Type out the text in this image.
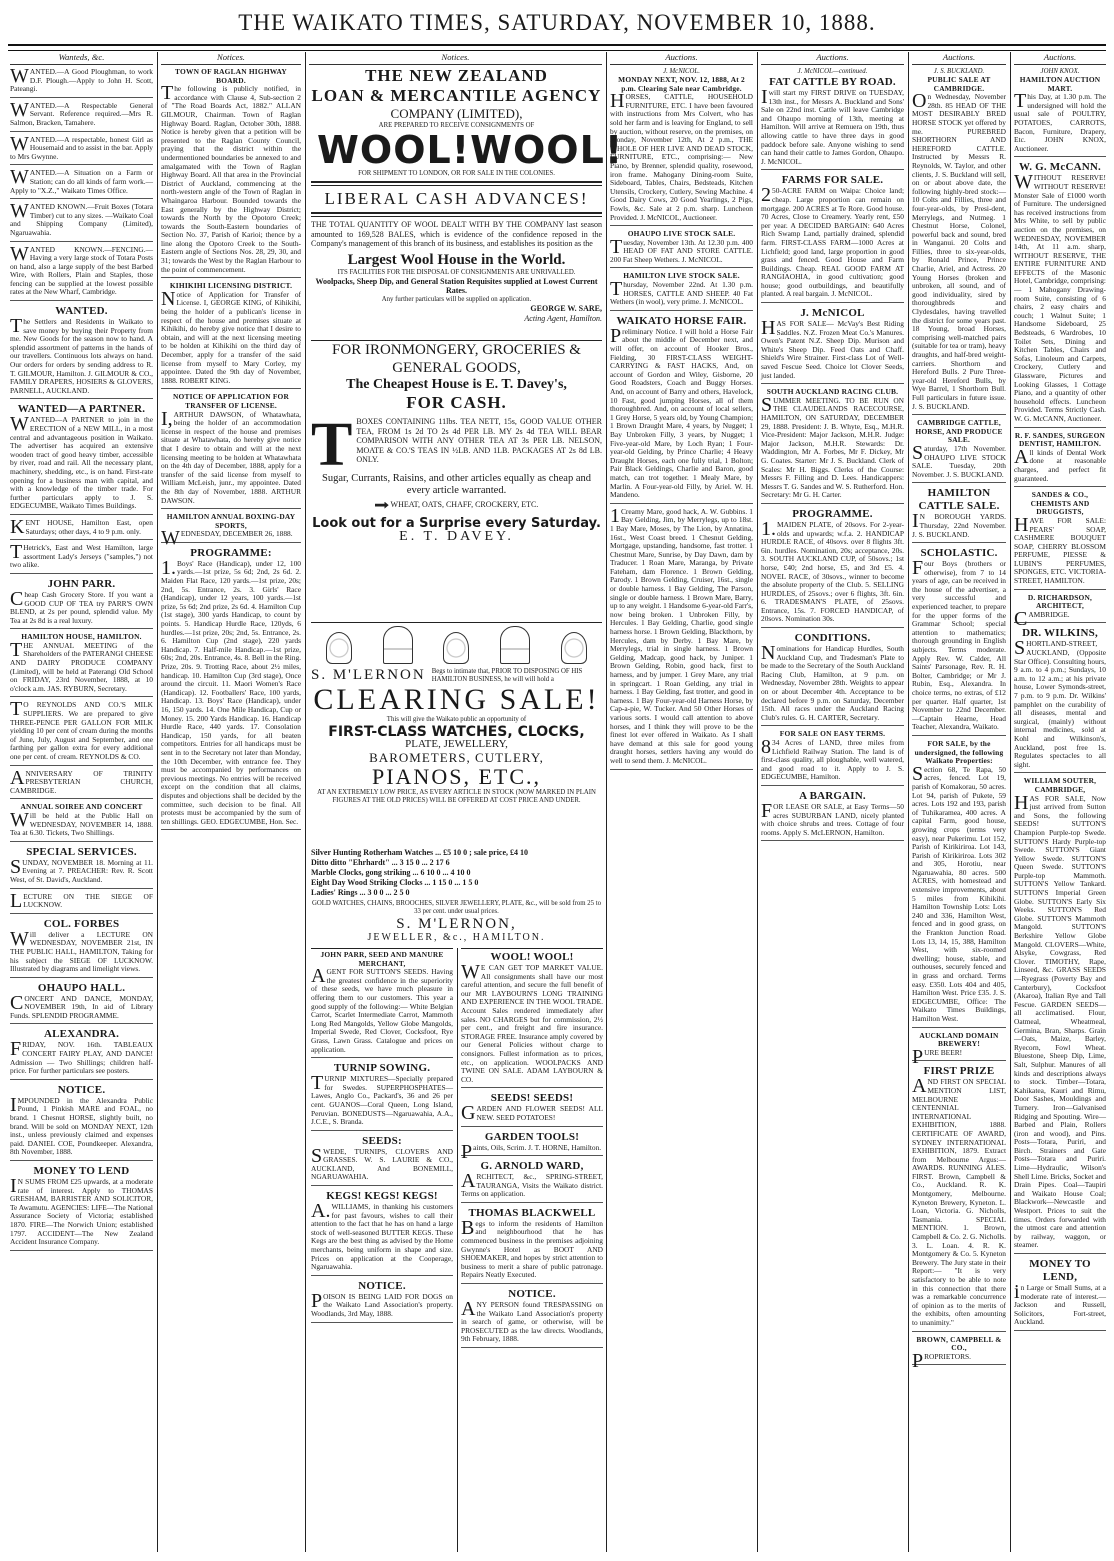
THE WAIKATO TIMES, SATURDAY, NOVEMBER 10, 1888.
Wanteds, &c.

WANTED.—A Good Ploughman, to work D.F. Plough.—Apply to John H. Scott, Pateangi.

WANTED.—A Respectable General Servant. Reference required.—Mrs R. Salmon, Bracken, Tamahere.

WANTED.—A respectable, honest Girl as Housemaid and to assist in the bar. Apply to Mrs Gwynne.

WANTED.—A Situation on a Farm or Station; can do all kinds of farm work.—Apply to "X.Z.," Waikato Times Office.

WANTED KNOWN.—Fruit Boxes (Totara Timber) cut to any sizes. —Waikato Coal and Shipping Company (Limited), Ngaruawahia.

WANTED KNOWN.—FENCING.—Having a very large stock of Totara Posts on hand, also a large supply of the best Barbed Wire, with Rollers, Plain and Staples, those fencing can be supplied at the lowest possible rates at the New Wharf, Cambridge.

WANTED.

The Settlers and Residents in Waikato to save money by buying their Property from me. New Goods for the season now to hand. A splendid assortment of patterns in the hands of our travellers. Continuous lots always on hand. Our orders for orders by sending address to R. T. GILMOUR, Hamilton. J. GILMOUR & CO., FAMILY DRAPERS, HOSIERS & GLOVERS, PARNELL, AUCKLAND.

WANTED—A PARTNER.

WANTED—A PARTNER to join in the ERECTION of a NEW MILL, in a most central and advantageous position in Waikato. The advertiser has acquired an extensive wooden tract of good heavy timber, accessible by river, road and rail. All the necessary plant, machinery, shedding, etc., is on hand. First-rate opening for a business man with capital, and with a knowledge of the timber trade. For further particulars apply to J. S. EDGECUMBE, Waikato Times Buildings.

KENT HOUSE, Hamilton East, open Saturdays; other days, 4 to 9 p.m. only.

THetrick's, East and West Hamilton, large assortment Lady's Jerseys ("samples,") not two alike.

JOHN PARR.

Cheap Cash Grocery Store. If you want a GOOD CUP OF TEA try PARR'S OWN BLEND, at 2s per pound, splendid value. My Tea at 2s 8d is a real luxury.

HAMILTON HOUSE, HAMILTON.

THE ANNUAL MEETING of the Shareholders of the PATERANGI CHEESE AND DAIRY PRODUCE COMPANY (Limited), will be held at Paterangi Old School on FRIDAY, 23rd November, 1888, at 10 o'clock a.m. JAS. RYBURN, Secretary.

TO REYNOLDS AND CO.'S MILK SUPPLIERS. We are prepared to give THREE-PENCE PER GALLON FOR MILK yielding 10 per cent of cream during the months of June, July, August and September, and one farthing per gallon extra for every additional one per cent. of cream. REYNOLDS & CO.

ANNIVERSARY OF TRINITY PRESBYTERIAN CHURCH, CAMBRIDGE.

ANNUAL SOIREE AND CONCERT

Will be held at the Public Hall on WEDNESDAY, NOVEMBER 14, 1888. Tea at 6.30. Tickets, Two Shillings.

SPECIAL SERVICES.

SUNDAY, NOVEMBER 18. Morning at 11. Evening at 7. PREACHER: Rev. R. Scott West, of St. David's, Auckland.

LECTURE ON THE SIEGE OF LUCKNOW.

COL. FORBES

Will deliver a LECTURE ON WEDNESDAY, NOVEMBER 21st, IN THE PUBLIC HALL, HAMILTON, Taking for his subject the SIEGE OF LUCKNOW. Illustrated by diagrams and limelight views.

OHAUPO HALL.

CONCERT AND DANCE, MONDAY, NOVEMBER 19th, In aid of Library Funds. SPLENDID PROGRAMME.

ALEXANDRA.

FRIDAY, NOV. 16th. TABLEAUX CONCERT FAIRY PLAY, AND DANCE! Admission — Two Shillings; children half-price. For further particulars see posters.

NOTICE.

IMPOUNDED in the Alexandra Public Pound, 1 Pinkish MARE and FOAL, no brand. 1 Chesnut HORSE, slightly built, no brand. Will be sold on MONDAY NEXT, 12th inst., unless previously claimed and expenses paid. DANIEL COE, Poundkeeper. Alexandra, 8th November, 1888.

MONEY TO LEND

IN SUMS FROM £25 upwards, at a moderate rate of interest. Apply to THOMAS GRESHAM, BARRISTER AND SOLICITOR, Te Awamutu. AGENCIES: LIFE—The National Assurance Society of Victoria; established 1870. FIRE—The Norwich Union; established 1797. ACCIDENT—The New Zealand Accident Insurance Company.

Notices.
TOWN OF RAGLAN HIGHWAY BOARD.

The following is publicly notified, in accordance with Clause 4, Sub-section 2 of "The Road Boards Act, 1882." ALLAN GILMOUR, Chairman. Town of Raglan Highway Board. Raglan, October 30th, 1888. Notice is hereby given that a petition will be presented to the Raglan County Council, praying that the district within the undermentioned boundaries be annexed to and amalgamated with the Town of Raglan Highway Board. All that area in the Provincial District of Auckland, commencing at the north-western angle of the Town of Raglan in Whaingaroa Harbour. Bounded towards the East generally by the Highway District; towards the North by the Opotoro Creek; towards the South-Eastern boundaries of Section No. 37, Parish of Karioi; thence by a line along the Opotoro Creek to the South-Eastern angle of Sections Nos. 28, 29, 30, and 31; towards the West by the Raglan Harbour to the point of commencement.

KIHIKIHI LICENSING DISTRICT.

Notice of Application for Transfer of License. I, GEORGE KING, of Kihikihi, being the holder of a publican's license in respect of the house and premises situate at Kihikihi, do hereby give notice that I desire to obtain, and will at the next licensing meeting to be holden at Kihikihi on the third day of December, apply for a transfer of the said license from myself to Mary Corley, my appointee. Dated the 9th day of November, 1888. ROBERT KING.

NOTICE OF APPLICATION FOR TRANSFER OF LICENSE.

I,ARTHUR DAWSON, of Whatawhata, being the holder of an accommodation license in respect of the house and premises situate at Whatawhata, do hereby give notice that I desire to obtain and will at the next licensing meeting to be holden at Whatawhata on the 4th day of December, 1888, apply for a transfer of the said license from myself to William McLeish, junr., my appointee. Dated the 8th day of November, 1888. ARTHUR DAWSON.

HAMILTON ANNUAL BOXING-DAY SPORTS,

WEDNESDAY, DECEMBER 26, 1888.

PROGRAMME:

1.Boys' Race (Handicap), under 12, 100 yards.—1st prize, 5s 6d; 2nd, 2s 6d. 2. Maiden Flat Race, 120 yards.—1st prize, 20s; 2nd, 5s. Entrance, 2s. 3. Girls' Race (Handicap), under 12 years, 100 yards.—1st prize, 5s 6d; 2nd prize, 2s 6d. 4. Hamilton Cup (1st stage), 300 yards Handicap, to count by points. 5. Handicap Hurdle Race, 120yds, 6 hurdles.—1st prize, 20s; 2nd, 5s. Entrance, 2s. 6. Hamilton Cup (2nd stage), 220 yards Handicap. 7. Half-mile Handicap.—1st prize, 60s; 2nd, 20s. Entrance, 4s. 8. Bell in the Ring. Prize, 20s. 9. Trotting Race, about 2½ miles, handicap. 10. Hamilton Cup (3rd stage), Once around the circuit. 11. Maori Women's Race (Handicap). 12. Footballers' Race, 100 yards, Handicap. 13. Boys' Race (Handicap), under 16, 150 yards. 14. One Mile Handicap, Cup or Money. 15. 200 Yards Handicap. 16. Handicap Hurdle Race, 440 yards. 17. Consolation Handicap, 150 yards, for all beaten competitors. Entries for all handicaps must be sent in to the Secretary not later than Monday, the 10th December, with entrance fee. They must be accompanied by performances on previous meetings. No entries will be received except on the condition that all claims, disputes and objections shall be decided by the committee, such decision to be final. All protests must be accompanied by the sum of ten shillings. GEO. EDGECUMBE, Hon. Sec.

Notices.
THE NEW ZEALAND
LOAN & MERCANTILE AGENCY
COMPANY (LIMITED),
ARE PREPARED TO RECEIVE CONSIGNMENTS OF
WOOL! WOOL!
FOR SHIPMENT TO LONDON, OR FOR SALE IN THE COLONIES.
LIBERAL CASH ADVANCES!

THE TOTAL QUANTITY OF WOOL DEALT WITH BY THE COMPANY last season amounted to 169,528 BALES, which is evidence of the confidence reposed in the Company's management of this branch of its business, and establishes its position as the

Largest Wool House in the World.
ITS FACILITIES FOR THE DISPOSAL OF CONSIGNMENTS ARE UNRIVALLED.
Woolpacks, Sheep Dip, and General Station Requisites supplied at Lowest Current Rates.
Any further particulars will be supplied on application.
GEORGE W. SARE,
Acting Agent, Hamilton.
FOR IRONMONGERY, GROCERIES & GENERAL GOODS,
The Cheapest House is E. T. Davey's,
FOR CASH.
T BOXES CONTAINING 11lbs. TEA NETT, 15s, GOOD VALUE OTHER TEA, FROM 1s 2d TO 2s 4d PER LB. MY 2s 4d TEA WILL BEAR COMPARISON WITH ANY OTHER TEA AT 3s PER LB. NELSON, MOATE & CO.'S TEAS IN ½LB. AND 1LB. PACKAGES AT 2s 8d LB. ONLY.
Sugar, Currants, Raisins, and other articles equally as cheap and every article warranted.
WHEAT, OATS, CHAFF, CROCKERY, ETC.
Look out for a Surprise every Saturday.
E. T. DAVEY.
S. M'LERNON Begs to intimate that, PRIOR TO DISPOSING OF HIS HAMILTON BUSINESS, he will will hold a
CLEARING SALE!
This will give the Waikato public an opportunity of
FIRST-CLASS WATCHES, CLOCKS,
PLATE, JEWELLERY,
BAROMETERS, CUTLERY,
PIANOS, ETC.,
AT AN EXTREMELY LOW PRICE, AS EVERY ARTICLE IN STOCK (NOW MARKED IN PLAIN FIGURES AT THE OLD PRICES) WILL BE OFFERED AT COST PRICE AND UNDER.
Silver Hunting Rotherham Watches ... £5 10 0 ; sale price, £4 10
Ditto ditto "Ehrhardt" ... 3 15 0 ... 2 17 6
Marble Clocks, gong striking ... 6 10 0 ... 4 10 0
Eight Day Wood Striking Clocks ... 1 15 0 ... 1 5 0
Ladies' Rings ... 3 0 0 ... 2 5 0
GOLD WATCHES, CHAINS, BROOCHES, SILVER JEWELLERY, PLATE, &c., will be sold from 25 to 33 per cent. under usual prices.
S. M'LERNON,
JEWELLER, &c., HAMILTON.
JOHN PARR, SEED AND MANURE MERCHANT,

AGENT FOR SUTTON'S SEEDS. Having the greatest confidence in the superiority of these seeds, we have much pleasure in offering them to our customers. This year a good supply of the following:— White Belgian Carrot, Scarlet Intermediate Carrot, Mammoth Long Red Mangolds, Yellow Globe Mangolds, Imperial Swede, Red Clover, Cocksfoot, Rye Grass, Lawn Grass. Catalogue and prices on application.

TURNIP SOWING.

TURNIP MIXTURES—Specially prepared for Swedes. SUPERPHOSPHATES—Lawes, Anglo Co., Packard's, 36 and 26 per cent. GUANOS—Coral Queen, Long Island, Peruvian. BONEDUSTS—Ngaruawahia, A.A., J.C.E., S. Branda.

SEEDS:

SWEDE, TURNIPS, CLOVERS AND GRASSES. W. S. LAURIE & CO., AUCKLAND, And BONEMILL, NGARUAWAHIA.

KEGS! KEGS! KEGS!

A.WILLIAMS, in thanking his customers for past favours, wishes to call their attention to the fact that he has on hand a large stock of well-seasoned BUTTER KEGS. These Kegs are the best thing as advised by the Home merchants, being uniform in shape and size. Prices on application at the Cooperage, Ngaruawahia.

NOTICE.

POISON IS BEING LAID FOR DOGS on the Waikato Land Association's property. Woodlands, 3rd May, 1888.

WOOL! WOOL!

WE CAN GET TOP MARKET VALUE. All consignments shall have our most careful attention, and secure the full benefit of our MR LAYBOURN'S LONG TRAINING AND EXPERIENCE IN THE WOOL TRADE. Account Sales rendered immediately after sales. NO CHARGES but for commission, 2½ per cent., and freight and fire insurance. STORAGE FREE. Insurance amply covered by our General Policies without charge to consignors. Fullest information as to prices, etc., on application. WOOLPACKS AND TWINE ON SALE. ADAM LAYBOURN & CO.

SEEDS! SEEDS!

GARDEN AND FLOWER SEEDS! ALL NEW. SEED POTATOES!

GARDEN TOOLS!

Paints, Oils, Scrim. J. T. HORNE, Hamilton.

G. ARNOLD WARD,

ARCHITECT, &c., SPRING-STREET, TAURANGA, Visits the Waikato district. Terms on application.

THOMAS BLACKWELL

Begs to inform the residents of Hamilton and neighbourhood that he has commenced business in the premises adjoining Gwynne's Hotel as BOOT AND SHOEMAKER, and hopes by strict attention to business to merit a share of public patronage. Repairs Neatly Executed.

NOTICE.

ANY PERSON found TRESPASSING on the Waikato Land Association's property in search of game, or otherwise, will be PROSECUTED as the law directs. Woodlands, 9th February, 1888.

Auctions.
J. McNICOL.
MONDAY NEXT, NOV. 12, 1888, At 2 p.m. Clearing Sale near Cambridge.

HORSES, CATTLE, HOUSEHOLD FURNITURE, ETC. I have been favoured with instructions from Mrs Colvert, who has sold her farm and is leaving for England, to sell by auction, without reserve, on the premises, on Monday, November 12th, At 2 p.m., THE WHOLE OF HER LIVE AND DEAD STOCK, FURNITURE, ETC., comprising:— New Piano, by Brenner, splendid quality, rosewood, iron frame. Mahogany Dining-room Suite, Sideboard, Tables, Chairs, Bedsteads, Kitchen Utensils, Crockery, Cutlery, Sewing Machine. 4 Good Dairy Cows, 20 Good Yearlings, 2 Pigs, Fowls, &c. Sale at 2 p.m. sharp. Luncheon Provided. J. McNICOL, Auctioneer.

OHAUPO LIVE STOCK SALE.

Tuesday, November 13th. At 12.30 p.m. 400 HEAD OF FAT AND STORE CATTLE. 200 Fat Sheep Wethers. J. McNICOL.

HAMILTON LIVE STOCK SALE.

Thursday, November 22nd. At 1.30 p.m. HORSES, CATTLE AND SHEEP. 40 Fat Wethers (in wool), very prime. J. McNICOL.

WAIKATO HORSE FAIR.

Preliminary Notice. I will hold a Horse Fair about the middle of December next, and will offer, on account of Hooker Bros., Fielding, 30 FIRST-CLASS WEIGHT-CARRYING & FAST HACKS, And, on account of Gordon and Wiley, Gisborne, 20 Good Roadsters, Coach and Buggy Horses. And, on account of Barry and others, Havelock, 10 Fast, good jumping Horses, all of them thoroughbred. And, on account of local sellers, 1 Grey Horse, 5 years old, by Young Champion; 1 Brown Draught Mare, 4 years, by Nugget; 1 Bay Unbroken Filly, 3 years, by Nugget; 1 Five-year-old Mare, by Loch Ryan; 1 Four-year-old Gelding, by Prince Charlie; 4 Heavy Draught Horses, each one fully trial, 1 Bolton; Pair Black Geldings, Charlie and Baron, good match, can trot together. 1 Mealy Mare, by Marlin. A Four-year-old Filly, by Ariel. W. H. Mandeno.

1Creamy Mare, good hack, A. W. Gubbins. 1 Bay Gelding, Jim, by Merrylegs, up to 18st. 1 Bay Mare, Moses, by The Lion, by Annatina, 16st., West Coast breed. 1 Chesnut Gelding, Mortgage, upstanding, handsome, fast trotter. 1 Chestnut Mare, Sunrise, by Day Dawn, dam by Traducer. 1 Roan Mare, Maranga, by Private Fateham, dam Florence. 1 Brown Gelding, Parody. 1 Brown Gelding, Cruiser, 16st., single or double harness. 1 Bay Gelding, The Parson, single or double harness. 1 Brown Mare, Barry, up to any weight. 1 Handsome 6-year-old Farr's, now being broken. 1 Unbroken Filly, by Hercules. 1 Bay Gelding, Charlie, good single harness horse. 1 Brown Gelding, Blackthorn, by Hercules, dam by Derby. 1 Bay Mare, by Merrylegs, trial in single harness. 1 Brown Gelding, Madcap, good hack, by Juniper. 1 Brown Gelding, Robin, good hack, first to harness, and by jumper. 1 Grey Mare, any trial in springcart. 1 Roan Gelding, any trial in harness. 1 Bay Gelding, fast trotter, and good in harness. 1 Bay Four-year-old Harness Horse, by Cap-a-pie, W. Tucker. And 50 Other Horses of various sorts. I would call attention to above horses, and I think they will prove to be the finest lot ever offered in Waikato. As I shall have demand at this sale for good young draught horses, settlers having any would do well to send them. J. McNICOL.

Auctions.
J. McNICOL—continued.
FAT CATTLE BY ROAD.

Iwill start my FIRST DRIVE on TUESDAY, 13th inst., for Messrs A. Buckland and Sons' Sale on 22nd inst. Cattle will leave Cambridge and Ohaupo morning of 13th, meeting at Hamilton. Will arrive at Remuera on 19th, thus allowing cattle to have three days in good paddock before sale. Anyone wishing to send can hand their cattle to James Gordon, Ohaupo. J. McNICOL.

FARMS FOR SALE.

250-ACRE FARM on Waipa: Choice land; cheap. Large proportion can remain on mortgage. 200 ACRES at Te Rore. Good house. 70 Acres, Close to Creamery. Yearly rent, £50 per year. A DECIDED BARGAIN: 640 Acres Rich Swamp Land, partially drained, splendid farm. FIRST-CLASS FARM—1000 Acres at Lichfield; good land, large proportion in good grass and fenced. Good House and Farm Buildings. Cheap. REAL GOOD FARM AT RANGIAOHIA, in good cultivation; good house; good outbuildings, and beautifully planted. A real bargain. J. McNICOL.

J. McNICOL

HAS FOR SALE— McVay's Best Riding Saddles. N.Z. Frozen Meat Co.'s Manures. Owen's Patent N.Z. Sheep Dip. Murison and White's Sheep Dip. Feed Oats and Chaff. Shield's Wire Strainer. First-class Lot of Well-saved Fescue Seed. Choice lot Clover Seeds, just landed.

SOUTH AUCKLAND RACING CLUB.

SUMMER MEETING. TO BE RUN ON THE CLAUDELANDS RACECOURSE, HAMILTON, ON SATURDAY, DECEMBER 29, 1888. President: J. B. Whyte, Esq., M.H.R. Vice-President: Major Jackson, M.H.R. Judge: Major Jackson, M.H.R. Stewards: Dr. Waddington, Mr A. Forbes, Mr F. Dickey, Mr G. Coates. Starter: Mr J. S. Buckland. Clerk of Scales: Mr H. Biggs. Clerks of the Course: Messrs F. Filling and D. Lees. Handicappers: Messrs T. G. Sandes and W. S. Rutherford. Hon. Secretary: Mr G. H. Carter.

PROGRAMME.

1.MAIDEN PLATE, of 20sovs. For 2-year-olds and upwards; w.f.a. 2. HANDICAP HURDLE RACE, of 40sovs. over 8 flights 3ft. 6in. hurdles. Nomination, 20s; acceptance, 20s. 3. SOUTH AUCKLAND CUP, of 50sovs.; 1st horse, £40; 2nd horse, £5, and 3rd £5. 4. NOVEL RACE, of 30sovs., winner to become the absolute property of the Club. 5. SELLING HURDLES, of 25sovs.; over 6 flights, 3ft. 6in. 6. TRADESMAN'S PLATE, of 25sovs. Entrance, 15s. 7. FORCED HANDICAP, of 20sovs. Nomination 30s.

CONDITIONS.

Nominations for Handicap Hurdles, South Auckland Cup, and Tradesman's Plate to be made to the Secretary of the South Auckland Racing Club, Hamilton, at 9 p.m. on Wednesday, November 28th. Weights to appear on or about December 4th. Acceptance to be declared before 9 p.m. on Saturday, December 15th. All races under the Auckland Racing Club's rules. G. H. CARTER, Secretary.

FOR SALE ON EASY TERMS.

834 Acres of LAND, three miles from Lichfield Railway Station. The land is of first-class quality, all ploughable, well watered, and good road to it. Apply to J. S. EDGECUMBE, Hamilton.

A BARGAIN.

FOR LEASE OR SALE, at Easy Terms—50 acres SUBURBAN LAND, nicely planted with choice shrubs and trees. Cottage of four rooms. Apply S. McLERNON, Hamilton.

Auctions.
J. S. BUCKLAND.
PUBLIC SALE AT CAMBRIDGE.

On Wednesday, November 28th. 85 HEAD OF THE MOST DESIRABLY BRED HORSE STOCK yet offered by me. PUREBRED SHORTHORN AND HEREFORD CATTLE. Instructed by Messrs R. Reynolds, W. Taylor, and other clients, J. S. Buckland will sell, on or about above date, the following highly-bred stock:— 10 Colts and Fillies, three and four-year-olds, by Presi-dent, Merrylegs, and Nutmeg. 1 Chestnut Horse, Colonel, powerful back and sound, bred in Wanganui. 20 Colts and Fillies, three to six-year-olds, by Ronald Prince, Prince Charlie, Ariel, and Actress. 20 Young Horses (broken and unbroken, all sound, and of good individuality, sired by thoroughbreds and Clydesdales, having travelled the district for some years past. 18 Young, broad Horses, comprising well-matched pairs (suitable for tea or tram), heavy draughts, and half-bred weight-carriers. Shorthorn and Hereford Bulls. 2 Pure Three-year-old Hereford Bulls, by Wye Barrel, 1 Shorthorn Bull. Full particulars in future issue. J. S. BUCKLAND.

CAMBRIDGE CATTLE, HORSE, AND PRODUCE SALE.

Saturday, 17th November. OHAUPO LIVE STOCK SALE. Tuesday, 20th November. J. S. BUCKLAND.

HAMILTON CATTLE SALE.

IN BOROUGH YARDS. Thursday, 22nd November. J. S. BUCKLAND.

SCHOLASTIC.

Four Boys (brothers or otherwise), from 7 to 14 years of age, can be received in the house of the advertiser, a very successful and experienced teacher, to prepare for the upper forms of the Grammar School; special attention to mathematics; thorough grounding in English subjects. Terms moderate. Apply Rev. W. Calder, All Saints' Parsonage, Rev. R. H. Bolter, Cambridge; or Mr J. Rubin, Esq., Alexandra. In choice terms, no extras, of £12 per quarter. Half quarter, 1st November to 22nd December.—Captain Hearne, Head Teacher, Alexandra, Waikato.

FOR SALE, by the undersigned, the following Waikato Properties:

Section 68, Te Rapa, 50 acres, fenced. Lot 19, parish of Komakorau, 50 acres. Lot 94, parish of Pukete, 59 acres. Lots 192 and 193, parish of Tuhikaramea, 400 acres. A capital Farm, good house, growing crops (terms very easy), near Pukerimu. Lot 152, Parish of Kirikiriroa. Lot 143, Parish of Kirikiriroa. Lots 302 and 305, Horotiu, near Ngaruawahia, 80 acres. 500 ACRES, with homestead and extensive improvements, about 5 miles from Kihikihi. Hamilton Township Lots: Lots 240 and 336, Hamilton West, fenced and in good grass, on the Frankton Junction Road. Lots 13, 14, 15, 388, Hamilton West, with six-roomed dwelling; house, stable, and outhouses, securely fenced and in grass and orchard. Terms easy. £350. Lots 404 and 405, Hamilton West. Price £35. J. S. EDGECUMBE, Office: The Waikato Times Buildings, Hamilton West.

AUCKLAND DOMAIN BREWERY!

PURE BEER!

FIRST PRIZE

AND FIRST ON SPECIAL MENTION LIST, MELBOURNE CENTENNIAL INTERNATIONAL EXHIBITION, 1888. CERTIFICATE OF AWARD, SYDNEY INTERNATIONAL EXHIBITION, 1879. Extract from Melbourne Argus:— AWARDS. RUNNING ALES. FIRST. Brown, Campbell & Co., Auckland. R. K. Montgomery, Melbourne. Kyneton Brewery, Kyneton. L. Loan, Victoria. G. Nicholls, Tasmania. SPECIAL MENTION. 1. Brown, Campbell & Co. 2. G. Nicholls. 3. L. Loan. 4. R. K. Montgomery & Co. 5. Kyneton Brewery. The Jury state in their Report:— "It is very satisfactory to be able to note in this connection that there was a remarkable concurrence of opinion as to the merits of the exhibits, often amounting to unanimity."

BROWN, CAMPBELL & CO.,

PROPRIETORS.

Auctions.
JOHN KNOX.
HAMILTON AUCTION MART.

This Day, at 1.30 p.m. The undersigned will hold the usual sale of POULTRY, POTATOES, CARROTS, Bacon, Furniture, Drapery, Etc. JOHN KNOX, Auctioneer.

W. G. McCANN.

WITHOUT RESERVE! WITHOUT RESERVE! Monster Sale of £1000 worth of Furniture. The undersigned has received instructions from Mrs White, to sell by public auction on the premises, on WEDNESDAY, NOVEMBER 14th, At 11 a.m. sharp, WITHOUT RESERVE, THE ENTIRE FURNITURE AND EFFECTS of the Masonic Hotel, Cambridge, comprising:— 1 Mahogany Drawing-room Suite, consisting of 6 chairs, 2 easy chairs and couch; 1 Walnut Suite; 1 Handsome Sideboard, 25 Bedsteads, 6 Wardrobes, 10 Toilet Sets, Dining and Kitchen Tables, Chairs and Sofas, Linoleum and Carpets, Crockery, Cutlery and Glassware, Pictures and Looking Glasses, 1 Cottage Piano, and a quantity of other household effects. Luncheon Provided. Terms Strictly Cash. W. G. McCANN, Auctioneer.

R. F. SANDES, SURGEON DENTIST, HAMILTON.

All kinds of Dental Work done at reasonable charges, and perfect fit guaranteed.

SANDES & CO., CHEMISTS AND DRUGGISTS,

HAVE FOR SALE: PEARS' SOAP, CASHMERE BOUQUET SOAP, CHERRY BLOSSOM PERFUME, PIESSE & LUBIN'S PERFUMES, SPONGES, ETC. VICTORIA-STREET, HAMILTON.

D. RICHARDSON, ARCHITECT,

CAMBRIDGE.

DR. WILKINS,

SHORTLAND-STREET, AUCKLAND, (Opposite Star Office). Consulting hours, 9 a.m. to 4 p.m.; Sundays, 10 a.m. to 12 a.m.; at his private house, Lower Symonds-street, 7 p.m. to 9 p.m. Dr. Wilkins' pamphlet on the curability of all diseases, mental and surgical, (mainly) without internal medicines, sold at Kohl and Wilkinson's, Auckland, post free 1s. Regulates spectacles to all sight.

WILLIAM SOUTER, CAMBRIDGE,

HAS FOR SALE, Now just arrived from Sutton and Sons, the following SEEDS! SUTTON'S Champion Purple-top Swede. SUTTON'S Hardy Purple-top Swede. SUTTON'S Giant Yellow Swede. SUTTON'S Queen Swede. SUTTON'S Purple-top Mammoth. SUTTON'S Yellow Tankard. SUTTON'S Imperial Green Globe. SUTTON'S Early Six Weeks. SUTTON'S Red Globe. SUTTON'S Mammoth Mangold. SUTTON'S Berkshire Yellow Globe Mangold. CLOVERS—White, Alsyke, Cowgrass, Red Clover. TIMOTHY, Rape, Linseed, &c. GRASS SEEDS—Ryegrass (Poverty Bay and Canterbury), Cocksfoot (Akaroa), Italian Rye and Tall Fescue. GARDEN SEEDS—all acclimatised. Flour, Oatmeal, Wheatmeal, Germina, Bran, Sharps. Grain—Oats, Maize, Barley, Ryecorn, Fowl Wheat. Bluestone, Sheep Dip, Lime, Salt, Sulphur. Manures of all kinds and descriptions always to stock. Timber—Totara, Kahikatea, Kauri and Rimu, Door Sashes, Mouldings and Turnery. Iron—Galvanised Ridging and Spouting. Wire—Barbed and Plain, Rollers (iron and wood), and Pins. Posts—Totara, Puriri, and Birch. Strainers and Gate Posts—Totara and Puriri. Lime—Hydraulic, Wilson's Shell Lime. Bricks, Socket and Drain Pipes. Coal—Taupiri and Waikato House Coal; Blackwork—Newcastle and Westport. Prices to suit the times. Orders forwarded with the utmost care and attention by railway, waggon, or steamer.

MONEY TO LEND,

in Large or Small Sums, at a moderate rate of interest.—Jackson and Russell, Solicitors, Fort-street, Auckland.
